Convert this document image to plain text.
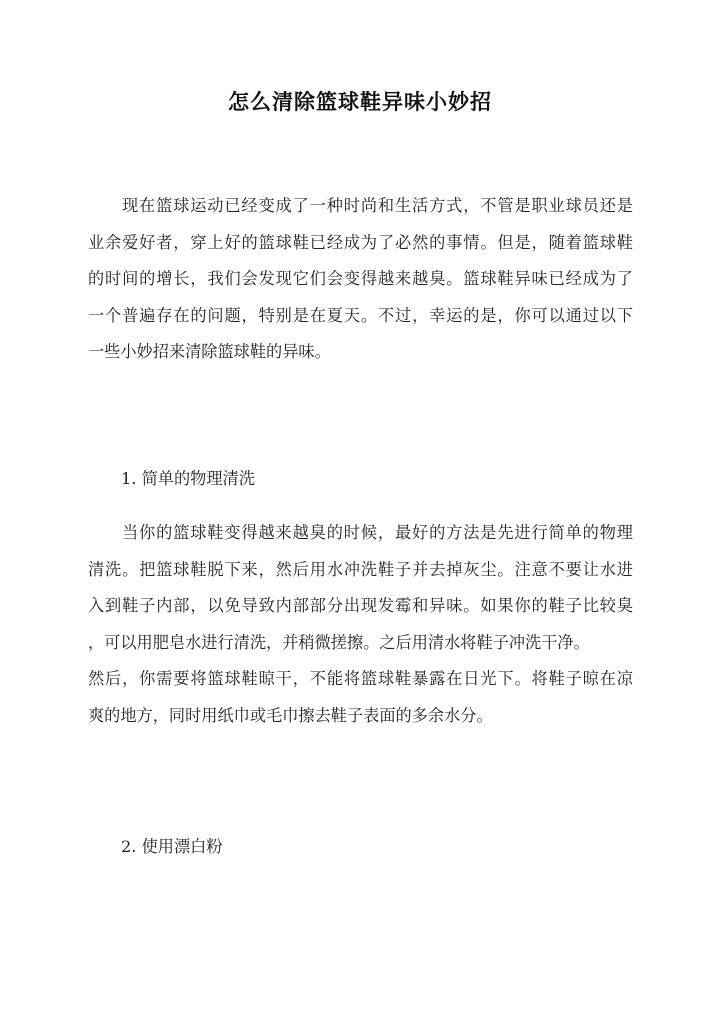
怎么清除篮球鞋异味小妙招
现在篮球运动已经变成了一种时尚和生活方式，不管是职业球员还是
业余爱好者，穿上好的篮球鞋已经成为了必然的事情。但是，随着篮球鞋
的时间的增长，我们会发现它们会变得越来越臭。篮球鞋异味已经成为了
一个普遍存在的问题，特别是在夏天。不过，幸运的是，你可以通过以下
一些小妙招来清除篮球鞋的异味。
1. 简单的物理清洗
当你的篮球鞋变得越来越臭的时候，最好的方法是先进行简单的物理
清洗。把篮球鞋脱下来，然后用水冲洗鞋子并去掉灰尘。注意不要让水进
入到鞋子内部，以免导致内部部分出现发霉和异味。如果你的鞋子比较臭
，可以用肥皂水进行清洗，并稍微搓擦。之后用清水将鞋子冲洗干净。
然后，你需要将篮球鞋晾干，不能将篮球鞋暴露在日光下。将鞋子晾在凉
爽的地方，同时用纸巾或毛巾擦去鞋子表面的多余水分。
2. 使用漂白粉
